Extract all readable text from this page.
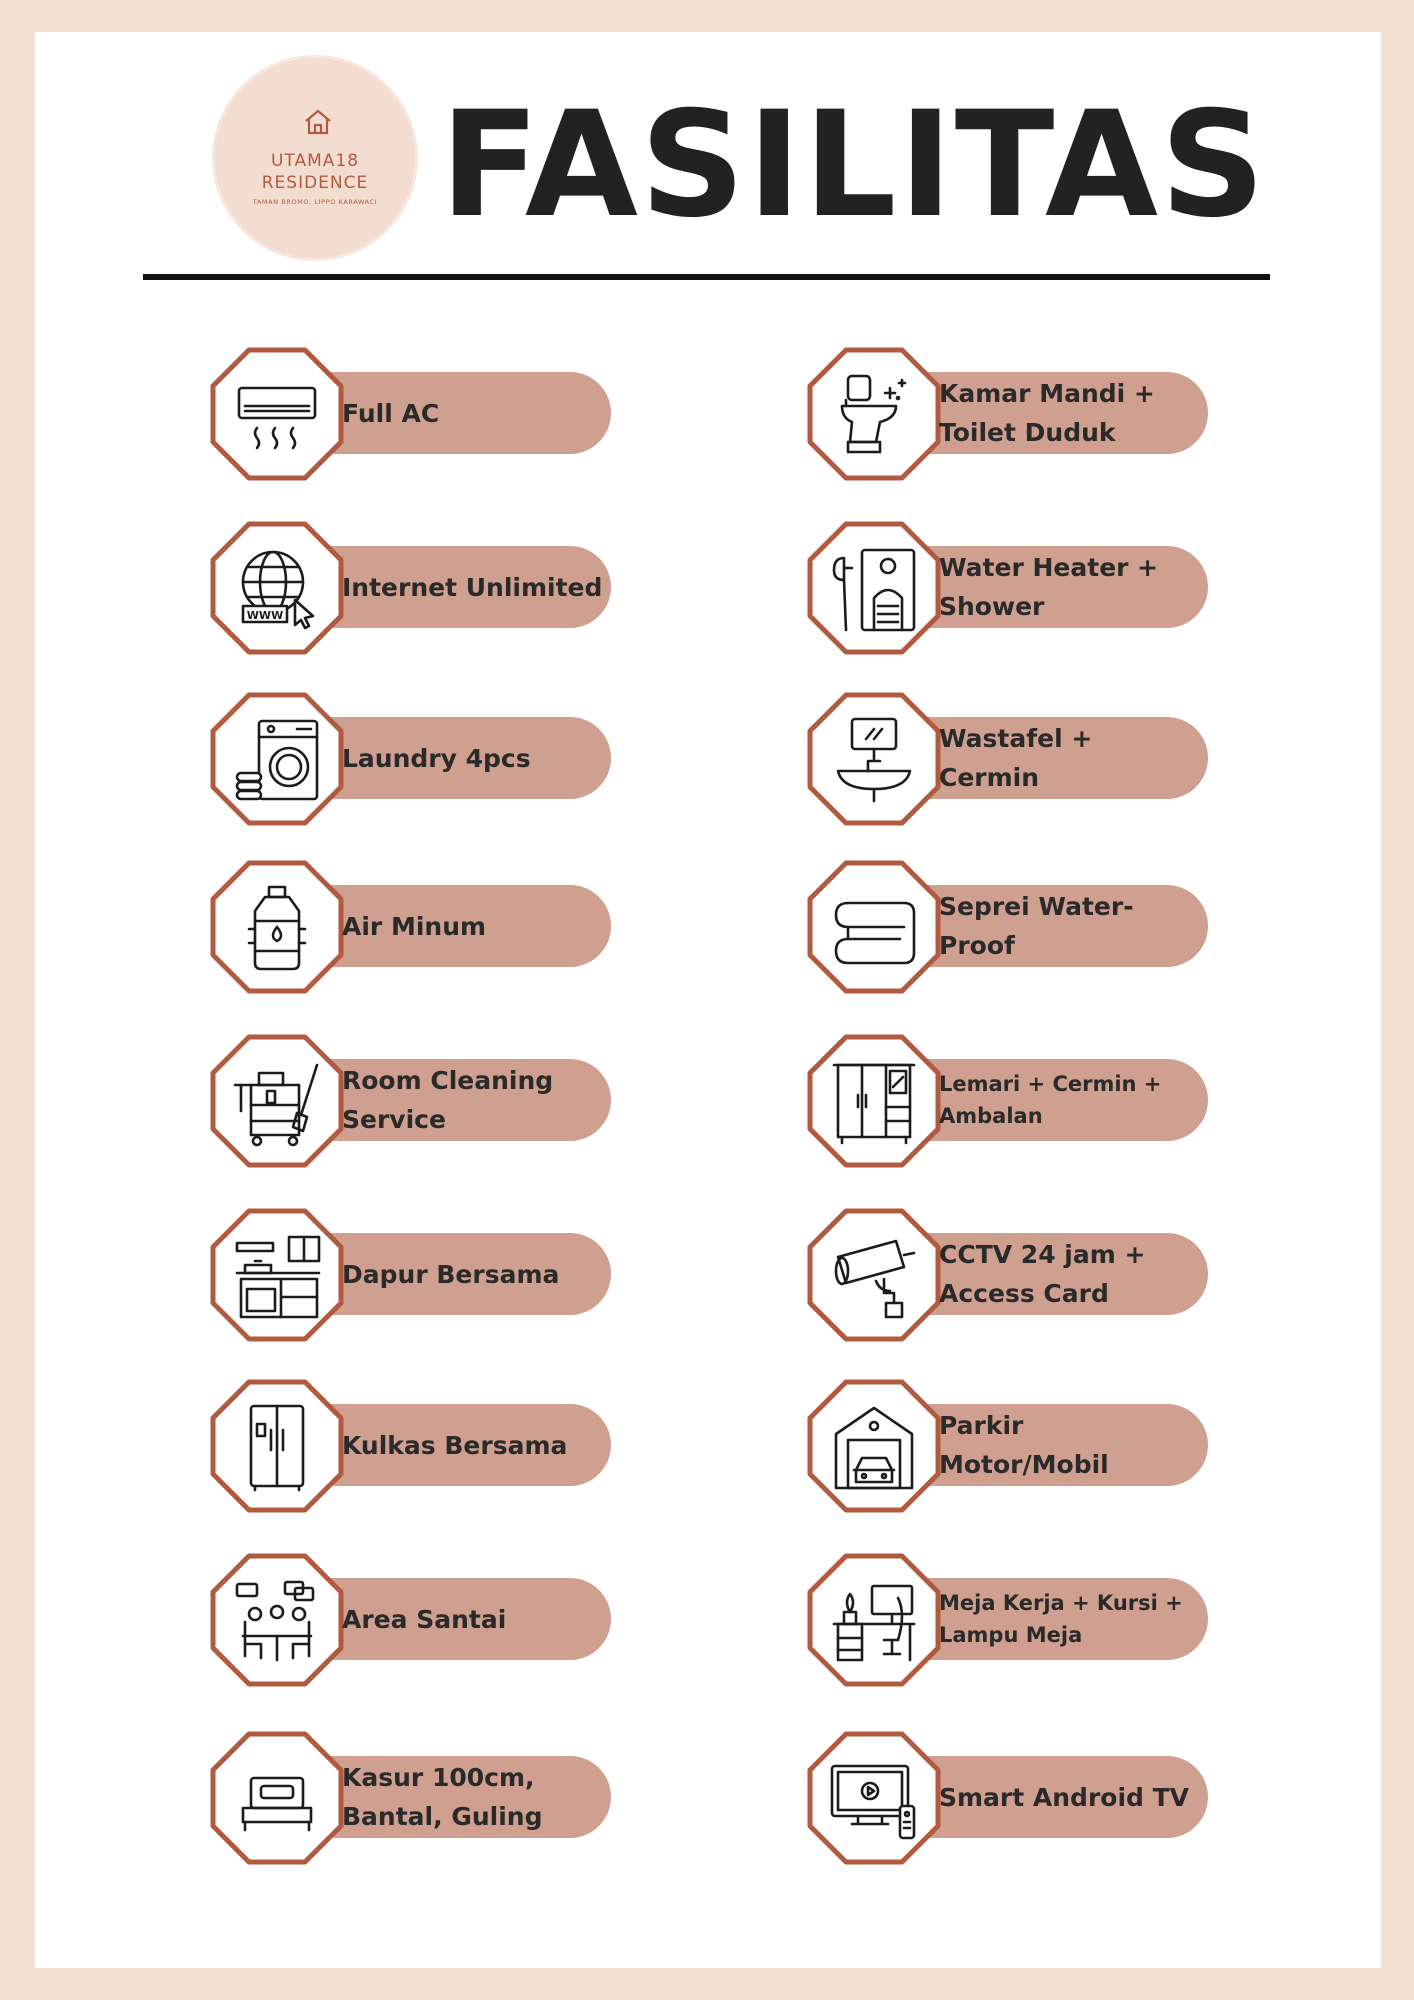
UTAMA18
RESIDENCE
TAMAN BROMO, LIPPO KARAWACI FASILITAS
Full AC
WWW
Internet Unlimited
Laundry 4pcs
Air Minum
Room Cleaning
Service
Dapur Bersama
Kulkas Bersama
Area Santai
Kasur 100cm,
Bantal, Guling
Kamar Mandi +
Toilet Duduk
Water Heater +
Shower
Wastafel +
Cermin
Seprei Water-
Proof
Lemari + Cermin +
Ambalan
CCTV 24 jam +
Access Card
Parkir
Motor/Mobil
Meja Kerja + Kursi +
Lampu Meja
Smart Android TV
